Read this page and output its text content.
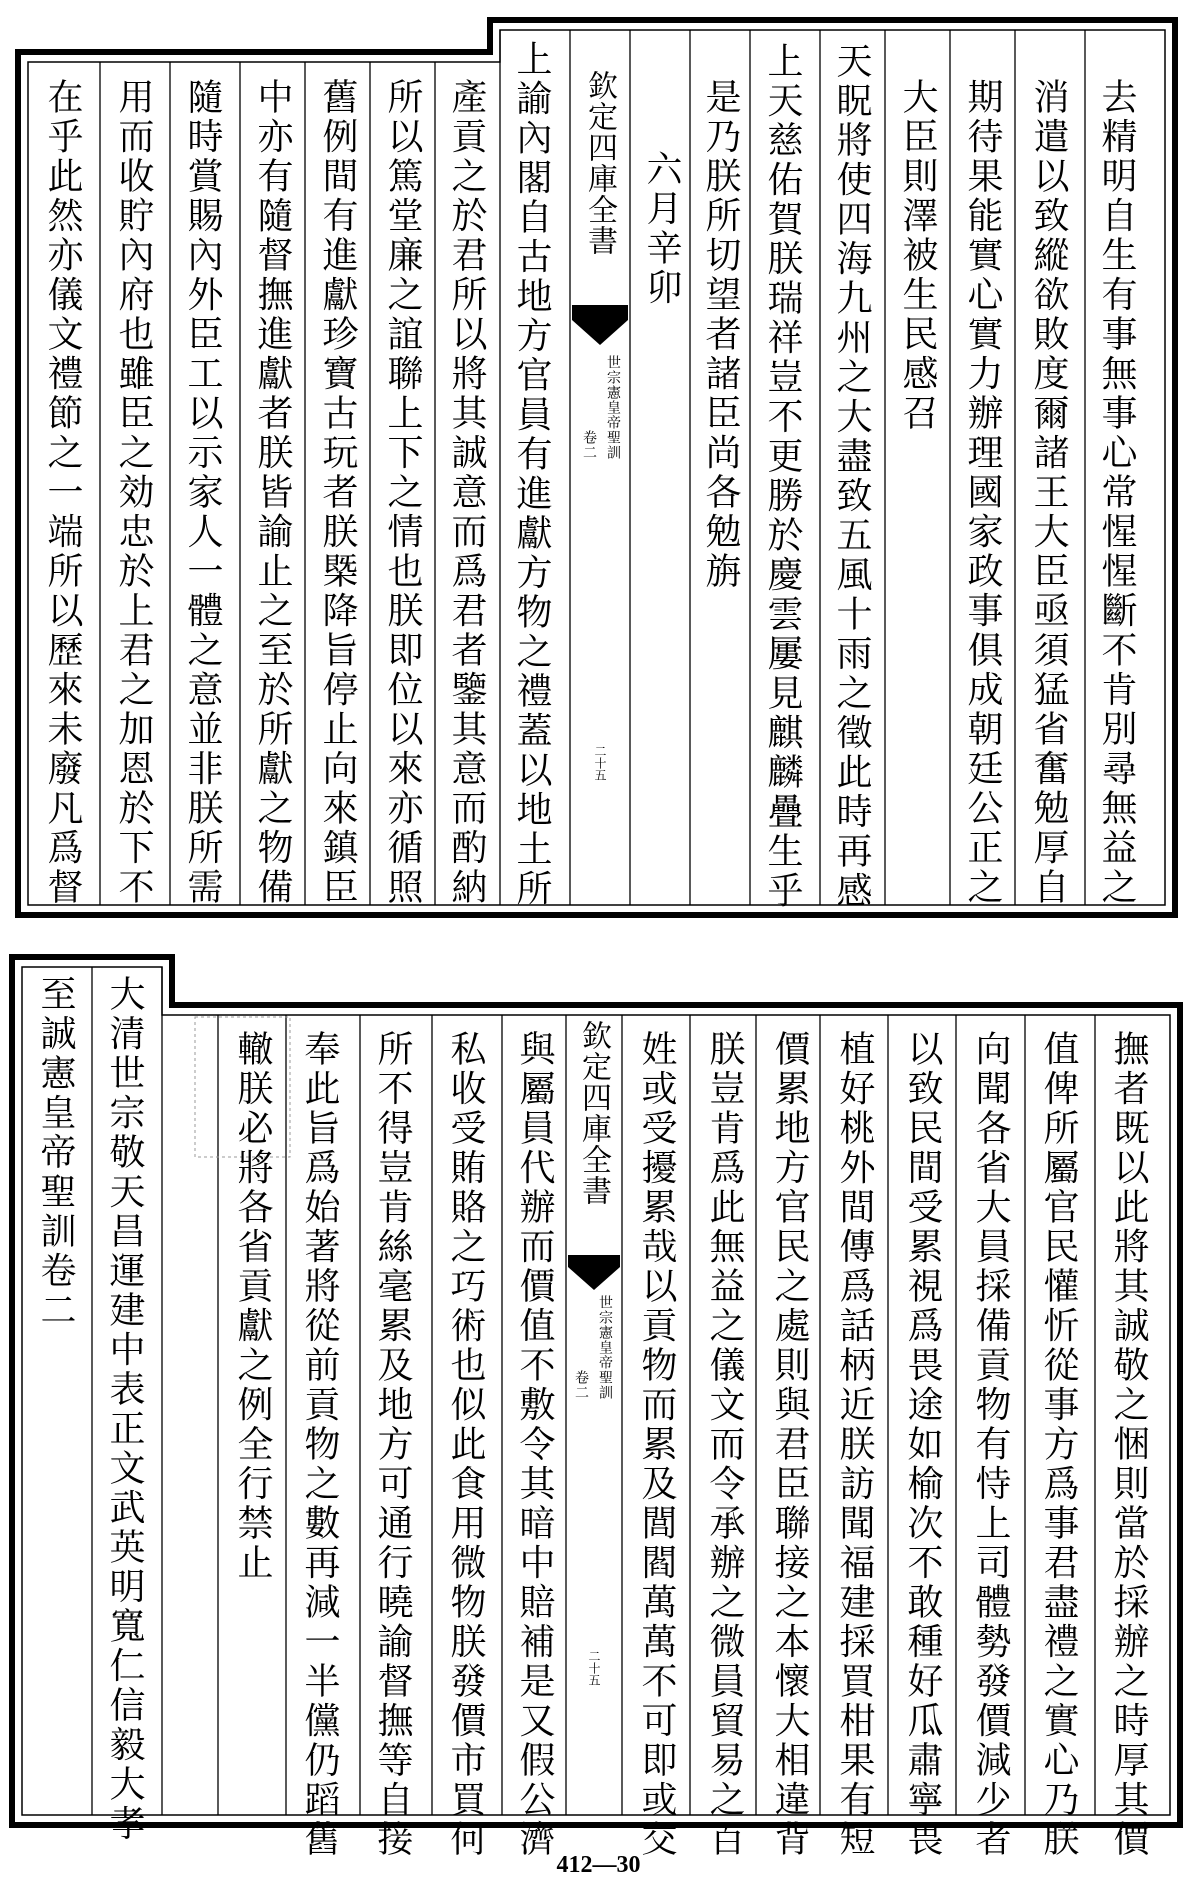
去精明自生有事無事心常惺惺斷不肯別尋無益之
消遣以致縱欲敗度爾諸王大臣亟須猛省奮勉厚自
期待果能實心實力辦理國家政事俱成朝廷公正之
大臣則澤被生民感召
天眖將使四海九州之大盡致五風十雨之徵此時再感
上天慈佑賀朕瑞祥豈不更勝於慶雲屢見麒麟疊生乎
是乃朕所切望者諸臣尚各勉旃
六月辛卯
欽定四庫全書
世宗憲皇帝聖訓
卷二
二十五
上諭內閣自古地方官員有進獻方物之禮蓋以地土所
產貢之於君所以將其誠意而爲君者鑒其意而酌納
所以篤堂廉之誼聯上下之情也朕即位以來亦循照
舊例間有進獻珍寶古玩者朕槩降旨停止向來鎮臣
中亦有隨督撫進獻者朕皆諭止之至於所獻之物備
隨時賞賜內外臣工以示家人一體之意並非朕所需
用而收貯內府也雖臣之効忠於上君之加恩於下不
在乎此然亦儀文禮節之一端所以歷來未廢凡爲督
撫者既以此將其誠敬之悃則當於採辦之時厚其價
值俾所屬官民懽忻從事方爲事君盡禮之實心乃朕
向聞各省大員採備貢物有恃上司體勢發價減少者
以致民間受累視爲畏途如榆次不敢種好瓜肅寧畏
植好桃外間傳爲話柄近朕訪聞福建採買柑果有短
價累地方官民之處則與君臣聯接之本懷大相違背
朕豈肯爲此無益之儀文而令承辦之微員貿易之百
姓或受擾累哉以貢物而累及閭閻萬萬不可即或交
欽定四庫全書
世宗憲皇帝聖訓
卷二
二十五
與屬員代辦而價值不敷令其暗中賠補是又假公濟
私收受賄賂之巧術也似此食用微物朕發價市買何
所不得豈肯絲毫累及地方可通行曉諭督撫等自接
奉此旨爲始著將從前貢物之數再減一半儻仍蹈舊
轍朕必將各省貢獻之例全行禁止
大清世宗敬天昌運建中表正文武英明寬仁信毅大孝
至誠憲皇帝聖訓卷二
412—30
